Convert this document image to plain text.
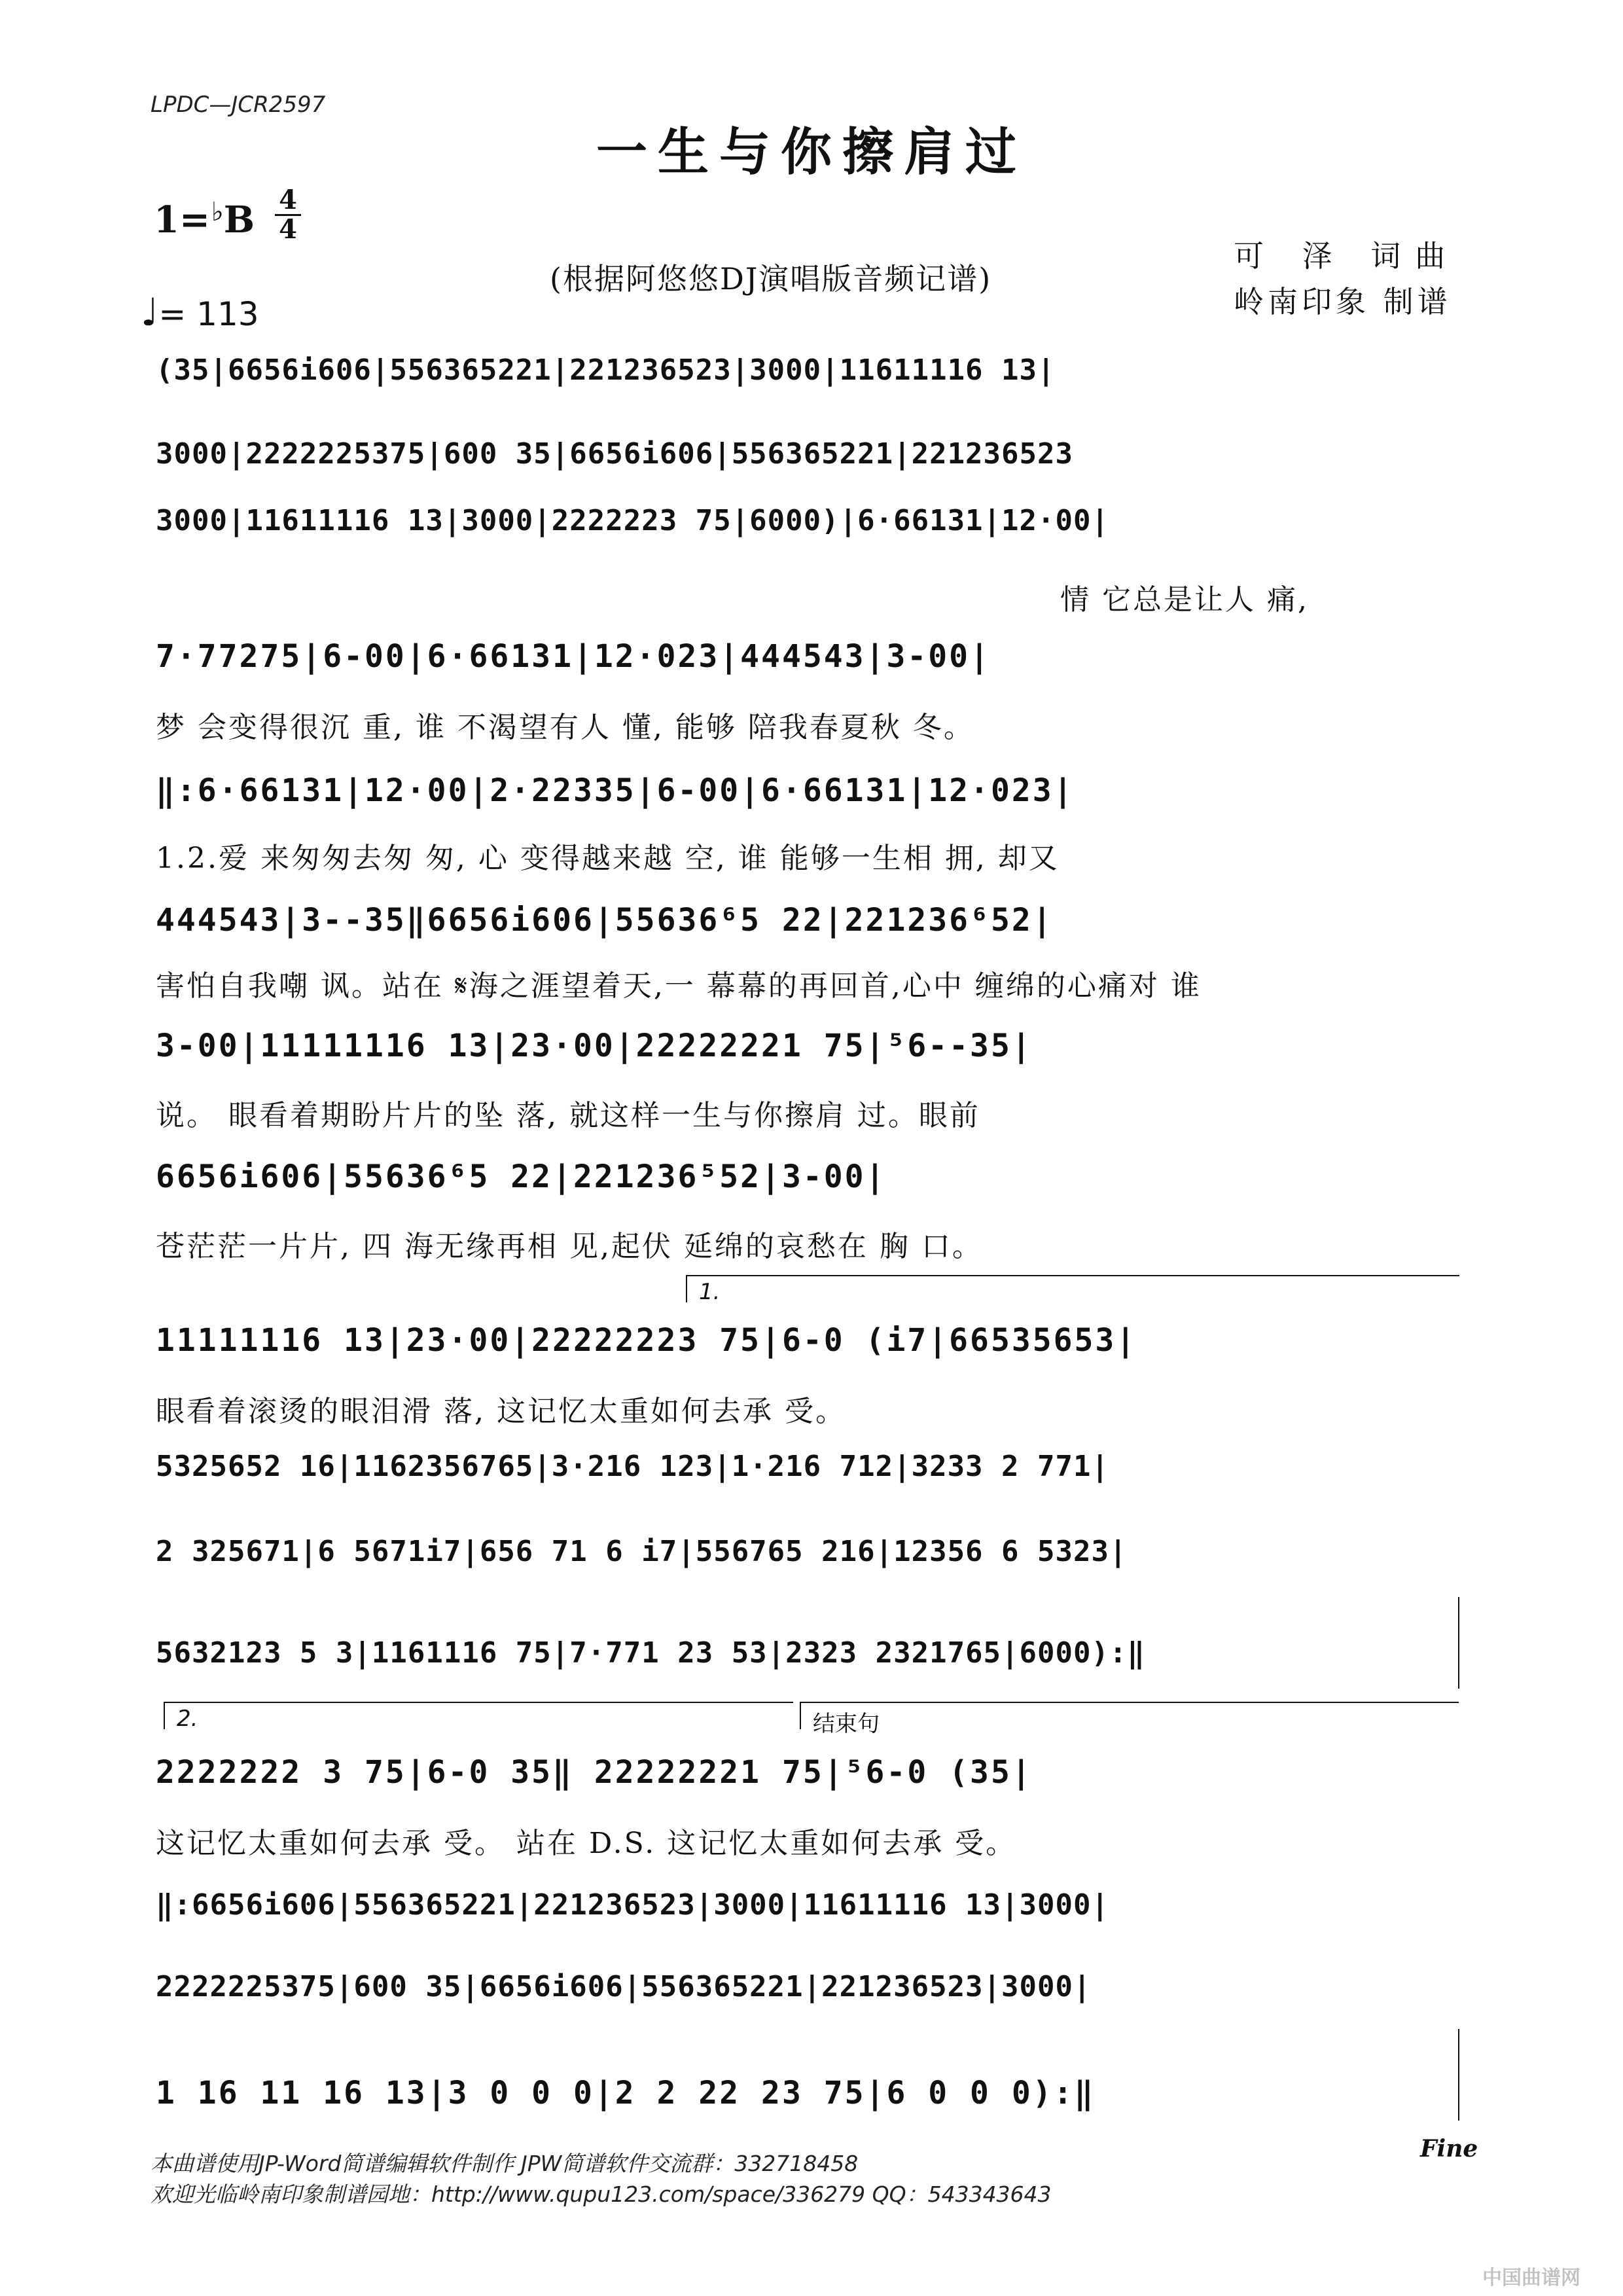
LPDC—JCR2597
一生与你擦肩过
1=♭B 4
4
♩= 113
(根据阿悠悠DJ演唱版音频记谱)
可 泽 词曲
岭南印象 制谱
(35|6656i606|556365221|221236523|3000|11611116 13|
3000|2222225375|600 35|6656i606|556365221|221236523
3000|11611116 13|3000|2222223 75|6000)|6·66131|12·00|
情 它总是让人 痛,
7·77275|6-00|6·66131|12·023|444543|3-00|
梦 会变得很沉 重, 谁 不渴望有人 懂, 能够 陪我春夏秋 冬。
‖:6·66131|12·00|2·22335|6-00|6·66131|12·023|
1.2.爱 来匆匆去匆 匆, 心 变得越来越 空, 谁 能够一生相 拥, 却又
444543|3--35‖6656i606|55636⁶5 22|221236⁶52|
害怕自我嘲 讽。站在 𝄋海之涯望着天,一 幕幕的再回首,心中 缠绵的心痛对 谁
3-00|11111116 13|23·00|22222221 75|⁵6--35|
说。 眼看着期盼片片的坠 落, 就这样一生与你擦肩 过。眼前
6656i606|55636⁶5 22|221236⁵52|3-00|
苍茫茫一片片, 四 海无缘再相 见,起伏 延绵的哀愁在 胸 口。
1.
11111116 13|23·00|22222223 75|6-0 (i7|66535653|
眼看着滚烫的眼泪滑 落, 这记忆太重如何去承 受。
5325652 16|1162356765|3·216 123|1·216 712|3233 2 771|
2 325671|6 5671i7|656 71 6 i7|556765 216|12356 6 5323|
5632123 5 3|1161116 75|7·771 23 53|2323 2321765|6000):‖
2.	结束句
2222222 3 75|6-0 35‖ 22222221 75|⁵6-0 (35|
这记忆太重如何去承 受。 站在 D.S. 这记忆太重如何去承 受。
‖:6656i606|556365221|221236523|3000|11611116 13|3000|
2222225375|600 35|6656i606|556365221|221236523|3000|
1 16 11 16 13|3 0 0 0|2 2 22 23 75|6 0 0 0):‖
Fine
本曲谱使用JP-Word简谱编辑软件制作 JPW简谱软件交流群：332718458
欢迎光临岭南印象制谱园地：http://www.qupu123.com/space/336279 QQ：543343643
中国曲谱网
